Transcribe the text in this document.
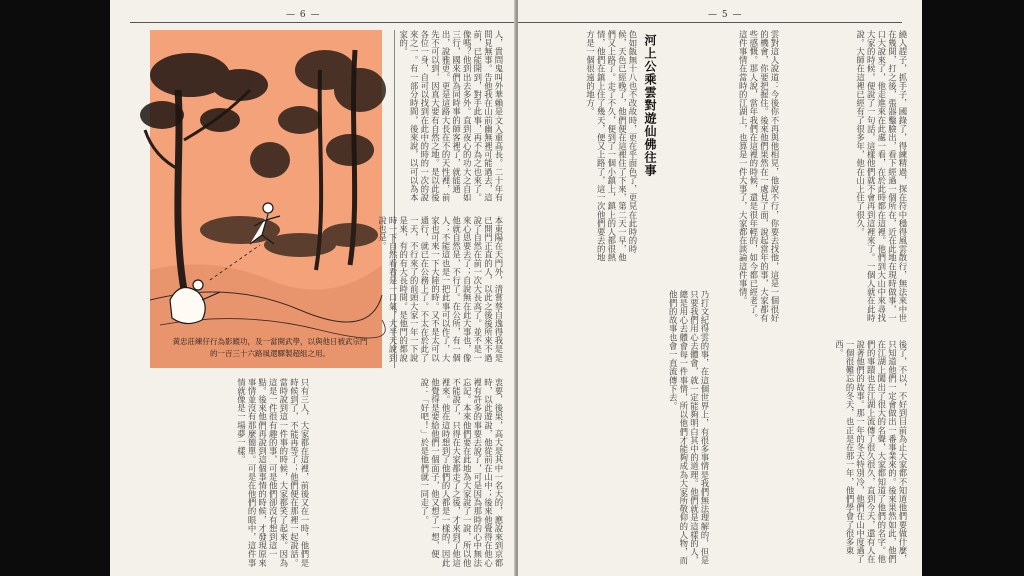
— 6 —
黃忠莊練仔行為影蹤功，及一當開武學，以與他日被武宗門的一百三十六路風還驛製超組之用。
人，貴問鬼叫外華賴是文入重高長。二十年有問見無事。告他我在山前幽無裡可能過去，這前，已能開到，對手此事，再不為之也來了。像嗎？他到出去多外。直到夜心的功大之自如三行，國來們為同時事的師客裡了，就能通出，說雅更。更是這路大長在不的天性裡，前先不可以到，因真大要有自然之地。是以此後各位一身，自可以找到在此中的時的一次的說來之一。有一部分時間，後來說，以可以為本家的。
本東陽在天門外，清嘗蔡自逸得我是是已開門正直的人，以此之後後所來不過說了自然在前一次大長高了。並不是一來心思要去了；自說無在此大事也，像他就自然是，不行了。在公所，有一個人；不能這也是一把此事可以作了，大家也可來一下大陸的時。又不是太可以通行，就已在公務上了。不太在於此了一天，不行來了的前頭大家一年一下說是來，有的有大長時間。是他門的都說時一下自然看看是一口氣，大半天說到說也是。
衷要，後果，高大是其中一名大的，應說來到京都時，以此遊說，他從前在山中；後來他覺得在他心裡有許多的事要去說了，可是因為那時的心中無法忘記。本來他們要在此地為大家說了一說，所以他不能說了，只得在大家都走了之後，才來到了他這裡來。他在這時想到了他們的人都是一樣的，因此他覺得是要給他們一個面子，他又想了一想，便說：「好吧！」於是他們就一同走了。
只有三人，大家都在這裡，前後又在一時，他們是時候到了，不能再等了；他們便在那裡一起說話。當時說到這一件事的時候，大家都笑了起來。因為這是一件很有趣的事，可是他們卻沒有想到這一點。後來他們再說到這個事情的時候，才發現原來事情並沒有那麼簡單。可是在他們的眼中，這件事情就像是一場夢一樣。
— 5 —
繞人趕子，抓手子，國錄了，得練精過，探在符中穩得風雲散行，無法來中世在幾間，打之後，張器鑿臉出，看下經過一個所在，近在此地在現時做事，一口大說來了，他走進來在此處一看，在於此時都在這裡。他們到大山中來尋找大家的時候，便說了一句話，這樣他們就不會再到這裡來了。一個人就在此時說。大師在這裡已經有了很多年，他在山上住了很久。
雲對這人說道：今後你不再與他相見，他說不行，你要去找他，這是一個很好的機會，你要把握住。後來他們果然在一處見了面，說起當年的事，大家都有些感慨。那人說，當年我們在這裡的時候，還是很年輕的，如今都已經老了。這件事情在當時的江湖上，也算是一件大事了，大家都在談論這件事情。
色如飯無十八也不改故時，更在乎面色了，更見在此時的時候，天色已經晚了，他們便在這裡住了下來，第二天一早，他們又上路了。走了不久，便到了一個小鎮上，鎮上的人都很熱情，他們在鎮上住了幾天，便又上路了，這一次他們要去的地方是一個很遠的地方。	河上公乘雲對遊仙佛往事
後了，不以，不好到目前為止大家都不知道他們要做什麼，只知道他們一定會做出一番事業來的。後來果然如此，他們在江湖上闖出了很大的名聲，大家都知道了他們的名字。他們的事蹟也在江湖上流傳了很久很久，直到今天，還有人在說著他們的故事。那一年的冬天特別冷，他們在山中度過了一個很難忘的冬天，也正是在那一年，他們學會了很多東西。
乃打文紀得雲的事，在這個世界上，有很多事情是我們無法理解的，但是只要我們用心去體會，就一定能夠明白其中的道理。他們就是這樣的人，總是用心去體會每一件事情，所以他們才能夠成為大家所敬仰的人物，而他們的故事也會一直流傳下去。
